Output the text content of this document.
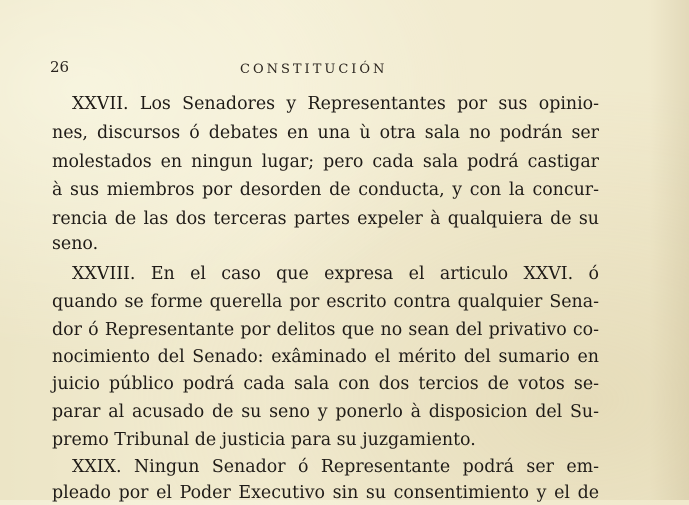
26	CONSTITUCIÓN
XXVII. Los Senadores y Representantes por sus opinio-
nes, discursos ó debates en una ù otra sala no podrán ser
molestados en ningun lugar; pero cada sala podrá castigar
à sus miembros por desorden de conducta, y con la concur-
rencia de las dos terceras partes expeler à qualquiera de su
seno.
XXVIII. En el caso que expresa el articulo XXVI. ó
quando se forme querella por escrito contra qualquier Sena-
dor ó Representante por delitos que no sean del privativo co-
nocimiento del Senado: exâminado el mérito del sumario en
juicio público podrá cada sala con dos tercios de votos se-
parar al acusado de su seno y ponerlo à disposicion del Su-
premo Tribunal de justicia para su juzgamiento.
XXIX. Ningun Senador ó Representante podrá ser em-
pleado por el Poder Executivo sin su consentimiento y el de
